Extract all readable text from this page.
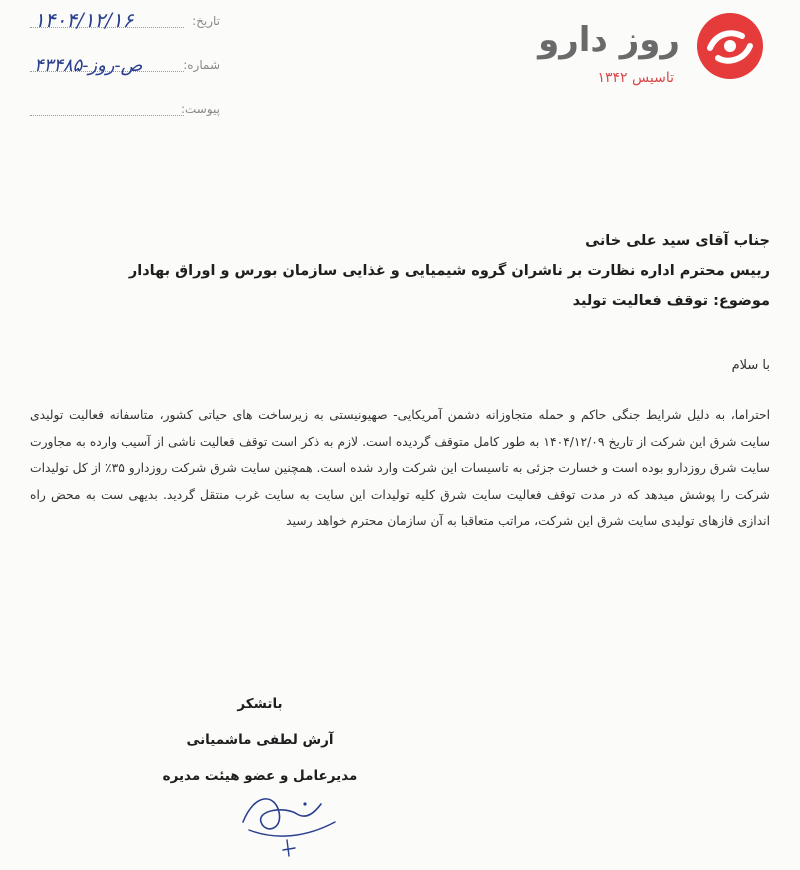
روز دارو
تاسیس ۱۳۴۲
تاریخ:
۱۴۰۴/۱۲/۱۶
شماره:
۴۳۴۸۵-ص-روز
پیوست:
جناب آقای سید علی خانی
رییس محترم اداره نظارت بر ناشران گروه شیمیایی و غذایی سازمان بورس و اوراق بهادار
موضوع: توقف فعالیت تولید
با سلام
احتراما، به دلیل شرایط جنگی حاکم و حمله متجاوزانه دشمن آمریکایی- صهیونیستی به زیرساخت های حیاتی کشور، متاسفانه فعالیت تولیدی سایت شرق این شرکت از تاریخ ۱۴۰۴/۱۲/۰۹ به طور کامل متوقف گردیده است. لازم به ذکر است توقف فعالیت ناشی از آسیب وارده به مجاورت سایت شرق روزدارو بوده است و خسارت جزئی به تاسیسات این شرکت وارد شده است. همچنین سایت شرق شرکت روزدارو ۳۵٪ از کل تولیدات شرکت را پوشش میدهد که در مدت توقف فعالیت سایت شرق کلیه تولیدات این سایت به سایت غرب منتقل گردید. بدیهی ست به محض راه اندازی فازهای تولیدی سایت شرق این شرکت، مراتب متعاقبا به آن سازمان محترم خواهد رسید
باتشکر
آرش لطفی ماشمیانی
مدیرعامل و عضو هیئت مدیره
